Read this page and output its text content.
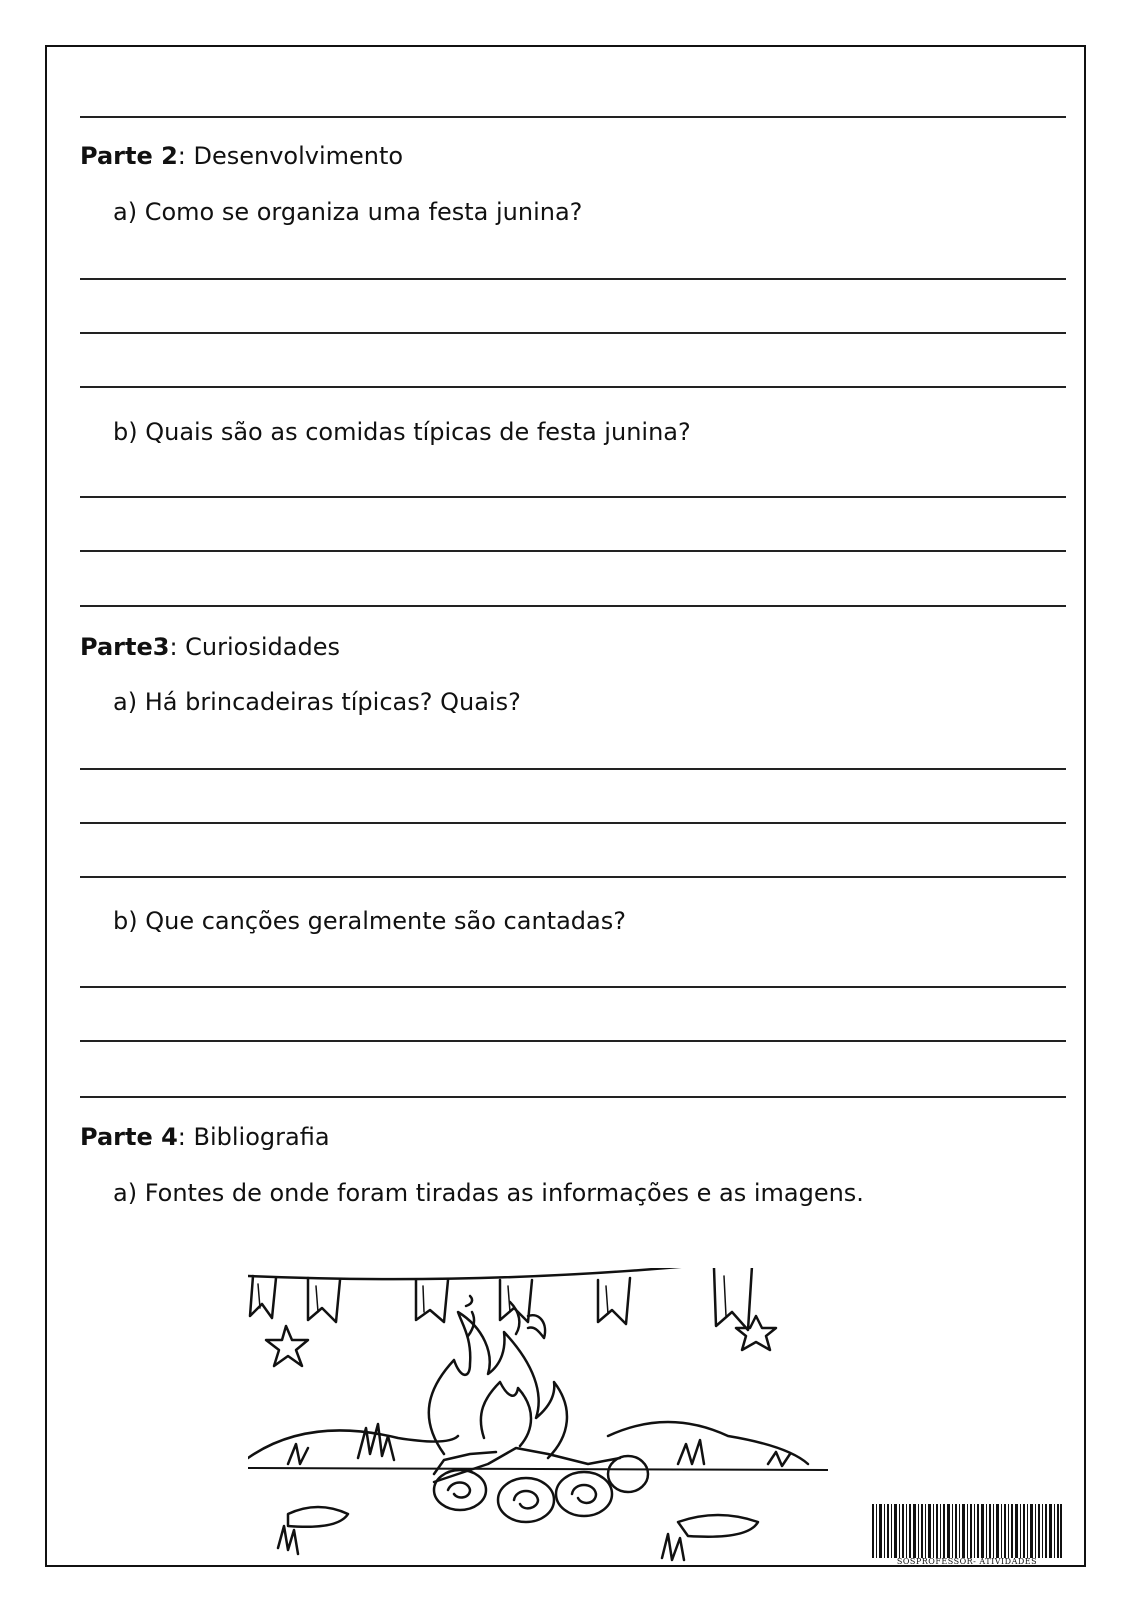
Parte 2: Desenvolvimento
a) Como se organiza uma festa junina?
b) Quais são as comidas típicas de festa junina?
Parte3: Curiosidades
a) Há brincadeiras típicas? Quais?
b) Que canções geralmente são cantadas?
Parte 4: Bibliografia
a) Fontes de onde foram tiradas as informações e as imagens.
SOSPROFESSOR- ATIVIDADES
